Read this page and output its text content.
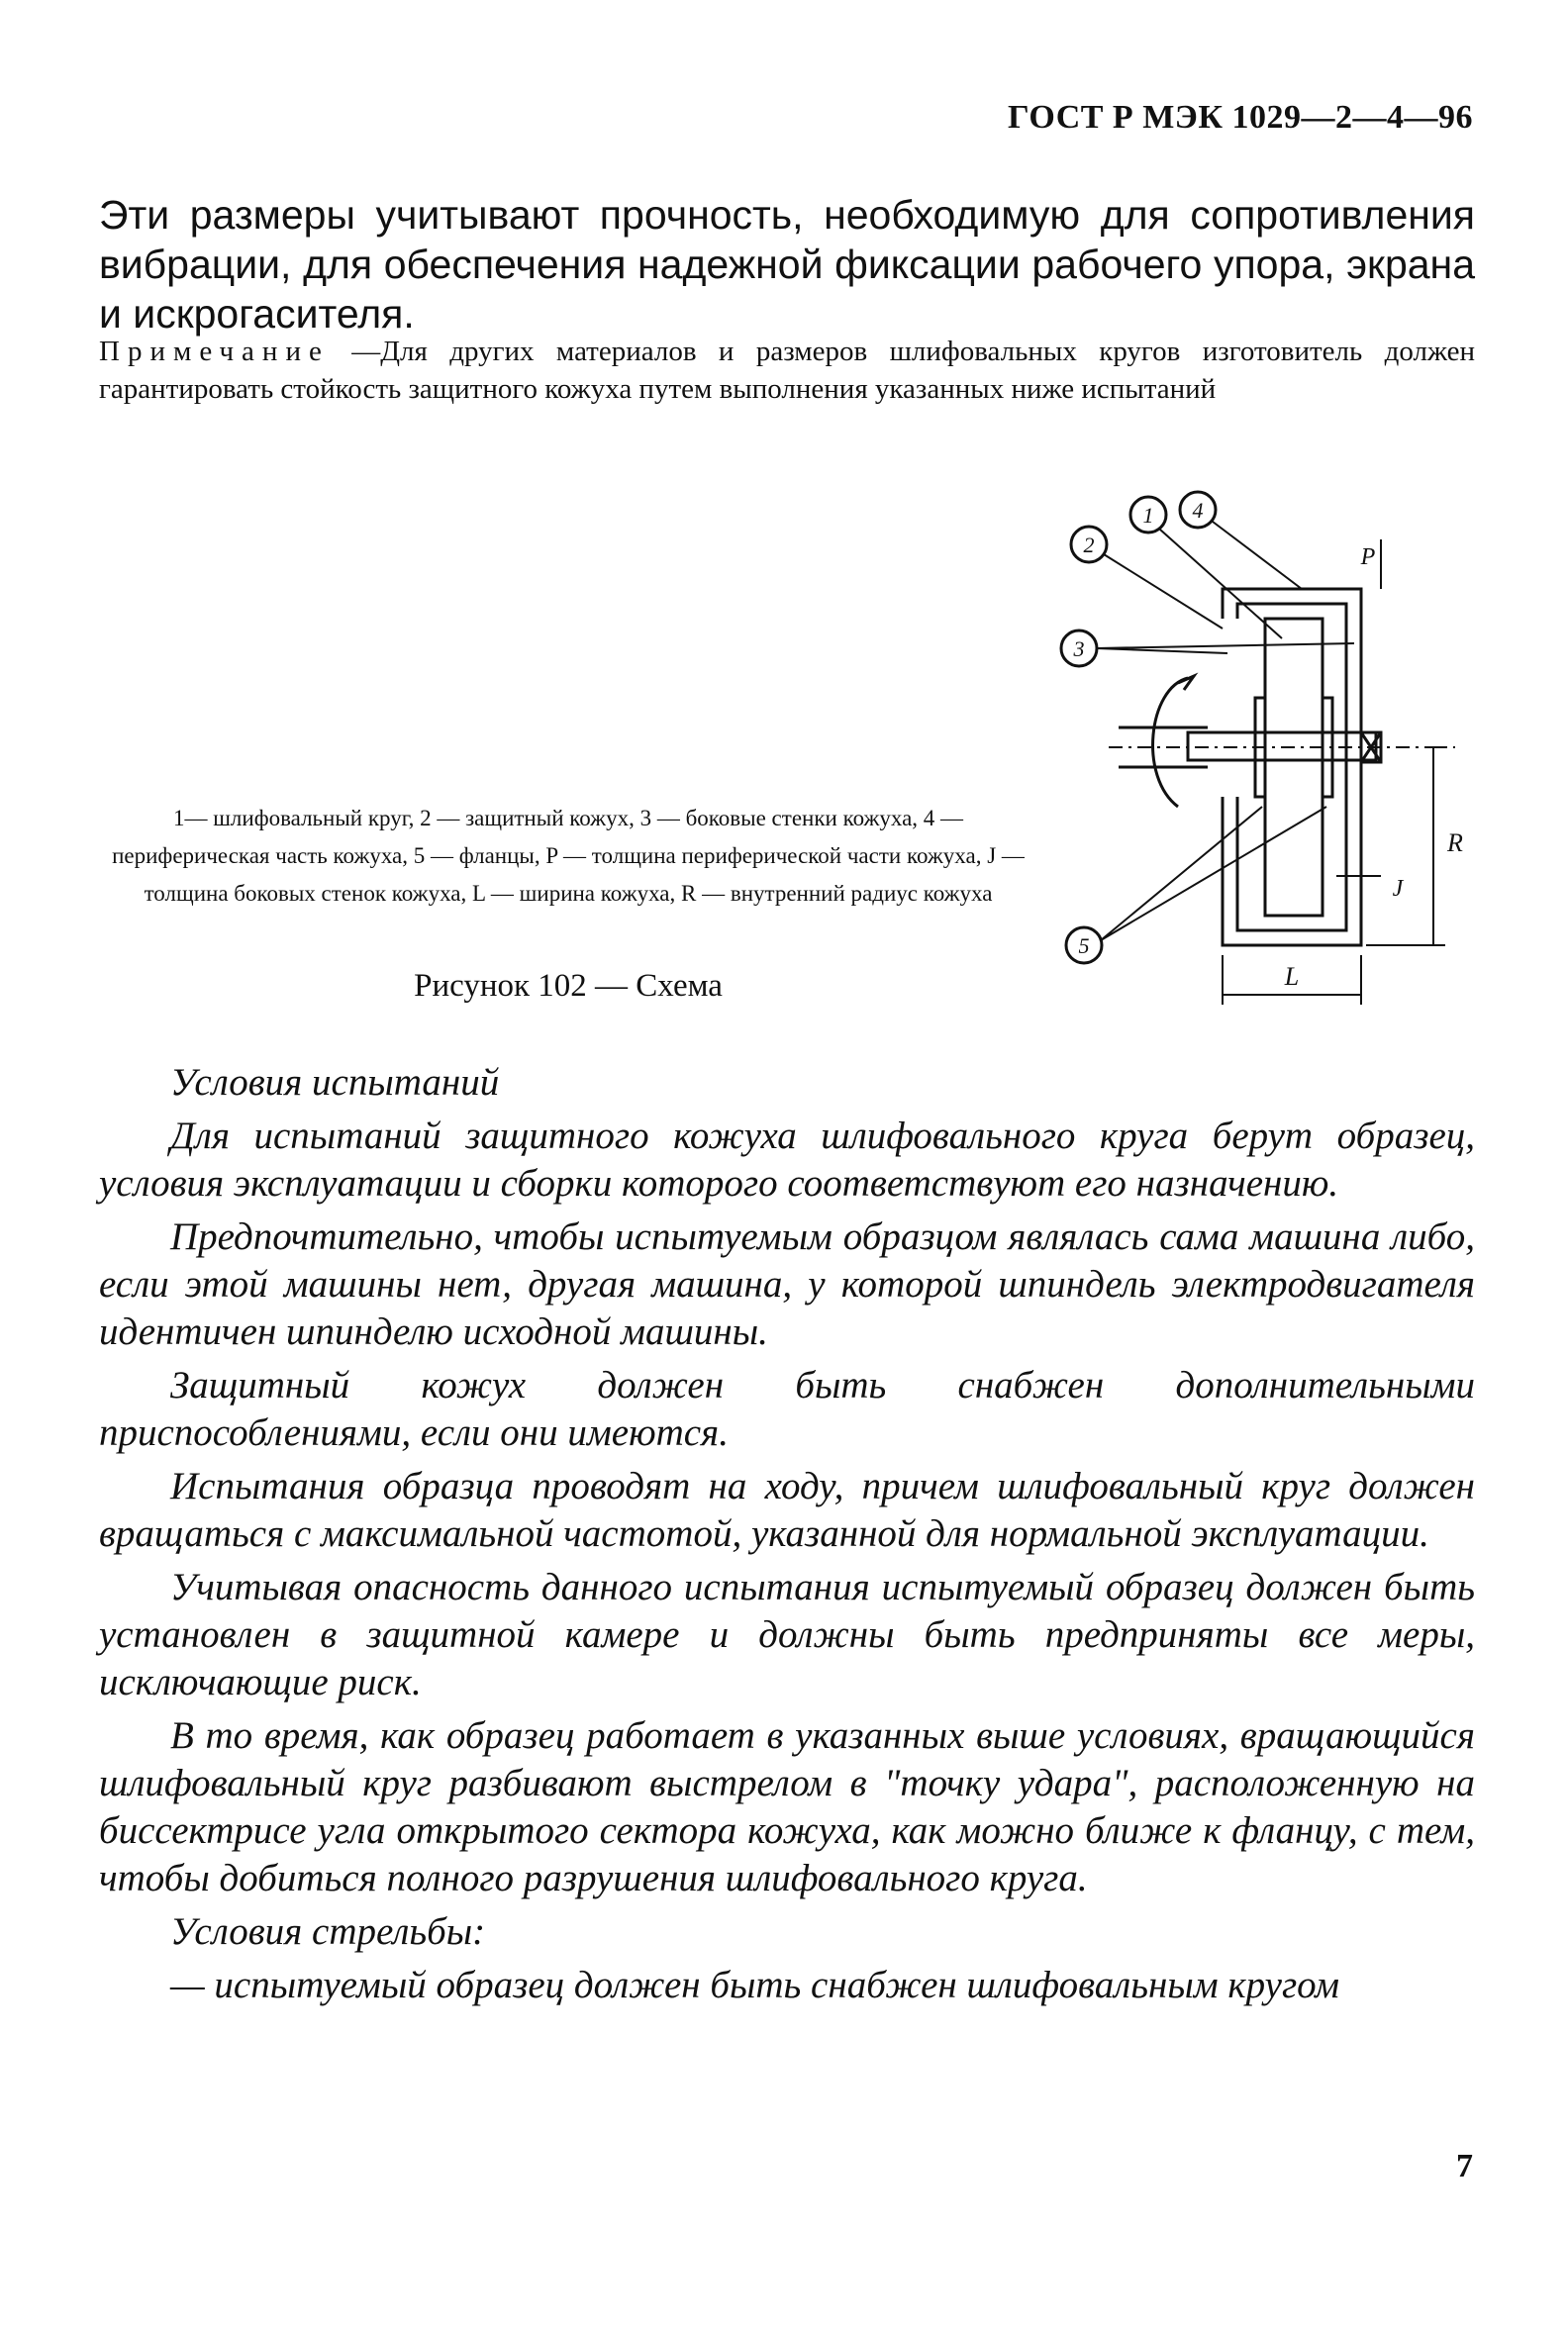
ГОСТ Р МЭК 1029—2—4—96
Эти размеры учитывают прочность, необходимую для сопротивления вибрации, для обеспечения надежной фиксации рабочего упора, экрана и искрогасителя.
Примечание —Для других материалов и размеров шлифовальных кругов изготовитель должен гарантировать стойкость защитного кожуха путем выполнения указанных ниже испытаний
1— шлифовальный круг, 2 — защитный кожух, 3 — боковые стенки кожуха, 4 — периферическая часть кожуха, 5 — фланцы, P — толщина периферической части кожуха, J — толщина боковых стенок кожуха, L — ширина кожуха, R — внутренний радиус кожуха
Рисунок 102 — Схема
2
1 4
3
5
P
J
R
L

Условия испытаний

Для испытаний защитного кожуха шлифовального круга берут образец, условия эксплуатации и сборки которого соответствуют его назначению.

Предпочтительно, чтобы испытуемым образцом являлась сама машина либо, если этой машины нет, другая машина, у которой шпиндель электродвигателя идентичен шпинделю исходной машины.

Защитный кожух должен быть снабжен дополнительными приспособлениями, если они имеются.

Испытания образца проводят на ходу, причем шлифовальный круг должен вращаться с максимальной частотой, указанной для нормальной эксплуатации.

Учитывая опасность данного испытания испытуемый образец должен быть установлен в защитной камере и должны быть предприняты все меры, исключающие риск.

В то время, как образец работает в указанных выше условиях, вращающийся шлифовальный круг разбивают выстрелом в "точку удара", расположенную на биссектрисе угла открытого сектора кожуха, как можно ближе к фланцу, с тем, чтобы добиться полного разрушения шлифовального круга.

Условия стрельбы:

— испытуемый образец должен быть снабжен шлифовальным кругом

7
